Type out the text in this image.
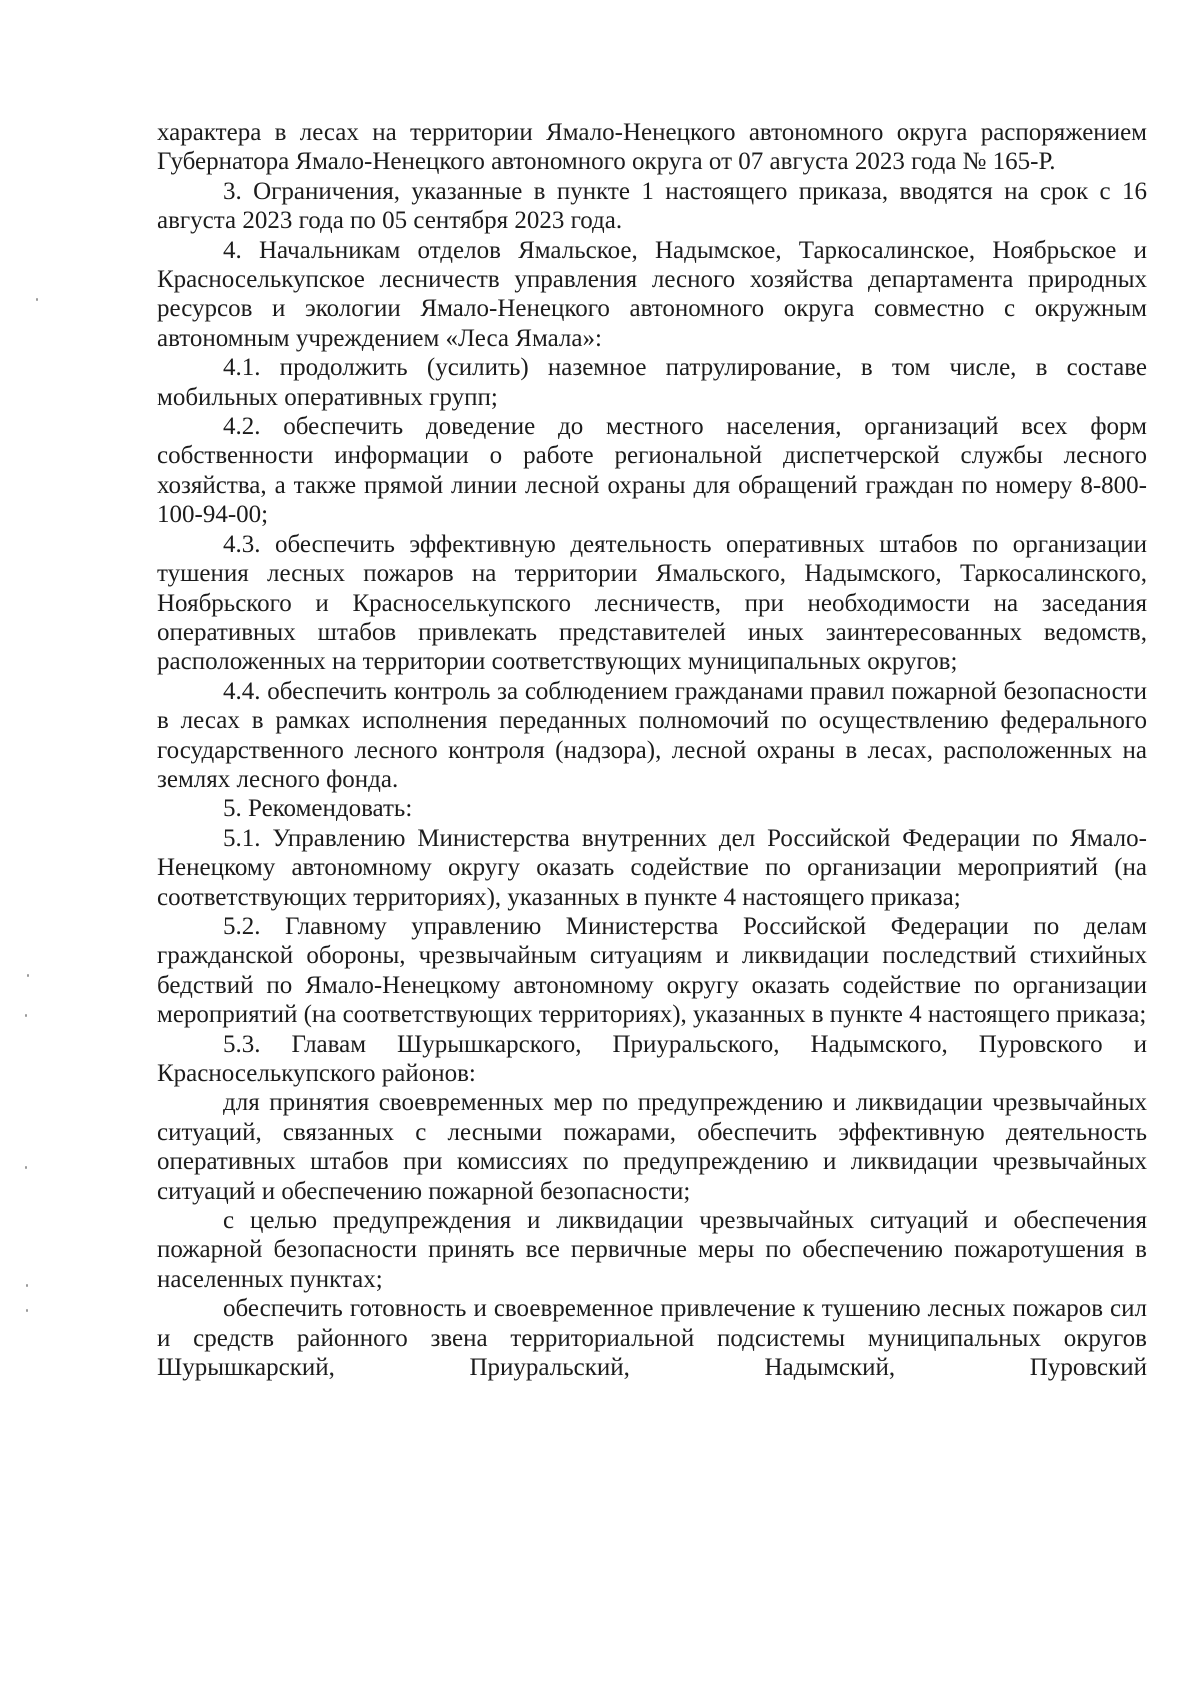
характера в лесах на территории Ямало-Ненецкого автономного округа распоряжением Губернатора Ямало-Ненецкого автономного округа от 07 августа 2023 года № 165-Р.

3. Ограничения, указанные в пункте 1 настоящего приказа, вводятся на срок с 16 августа 2023 года по 05 сентября 2023 года.

4. Начальникам отделов Ямальское, Надымское, Таркосалинское, Ноябрьское и Красноселькупское лесничеств управления лесного хозяйства департамента природных ресурсов и экологии Ямало-Ненецкого автономного округа совместно с окружным автономным учреждением «Леса Ямала»:

4.1. продолжить (усилить) наземное патрулирование, в том числе, в составе мобильных оперативных групп;

4.2. обеспечить доведение до местного населения, организаций всех форм собственности информации о работе региональной диспетчерской службы лесного хозяйства, а также прямой линии лесной охраны для обращений граждан по номеру 8-800-100-94-00;

4.3. обеспечить эффективную деятельность оперативных штабов по организации тушения лесных пожаров на территории Ямальского, Надымского, Таркосалинского, Ноябрьского и Красноселькупского лесничеств, при необходимости на заседания оперативных штабов привлекать представителей иных заинтересованных ведомств, расположенных на территории соответствующих муниципальных округов;

4.4. обеспечить контроль за соблюдением гражданами правил пожарной безопасности в лесах в рамках исполнения переданных полномочий по осуществлению федерального государственного лесного контроля (надзора), лесной охраны в лесах, расположенных на землях лесного фонда.

5. Рекомендовать:

5.1. Управлению Министерства внутренних дел Российской Федерации по Ямало-Ненецкому автономному округу оказать содействие по организации мероприятий (на соответствующих территориях), указанных в пункте 4 настоящего приказа;

5.2. Главному управлению Министерства Российской Федерации по делам гражданской обороны, чрезвычайным ситуациям и ликвидации последствий стихийных бедствий по Ямало-Ненецкому автономному округу оказать содействие по организации мероприятий (на соответствующих территориях), указанных в пункте 4 настоящего приказа;

5.3. Главам Шурышкарского, Приуральского, Надымского, Пуровского и Красноселькупского районов:

для принятия своевременных мер по предупреждению и ликвидации чрезвычайных ситуаций, связанных с лесными пожарами, обеспечить эффективную деятельность оперативных штабов при комиссиях по предупреждению и ликвидации чрезвычайных ситуаций и обеспечению пожарной безопасности;

с целью предупреждения и ликвидации чрезвычайных ситуаций и обеспечения пожарной безопасности принять все первичные меры по обеспечению пожаротушения в населенных пунктах;

обеспечить готовность и своевременное привлечение к тушению лесных пожаров сил и средств районного звена территориальной подсистемы муниципальных округов Шурышкарский, Приуральский, Надымский, Пуровский
